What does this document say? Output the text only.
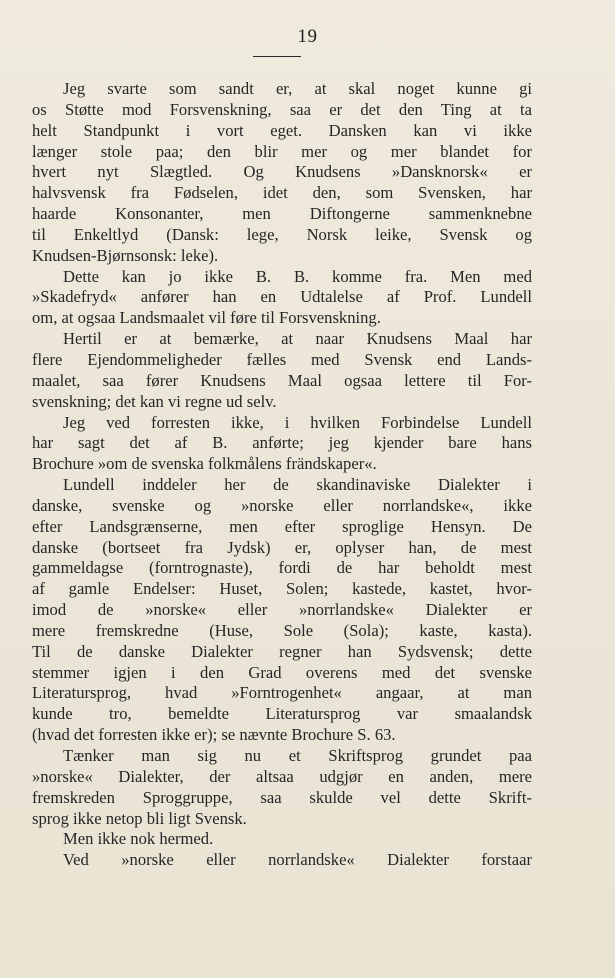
19
Jeg svarte som sandt er, at skal noget kunne gi
os Støtte mod Forsvenskning, saa er det den Ting at ta
helt Standpunkt i vort eget. Dansken kan vi ikke
længer stole paa; den blir mer og mer blandet for
hvert nyt Slægtled. Og Knudsens »Dansknorsk« er
halvsvensk fra Fødselen, idet den, som Svensken, har
haarde Konsonanter, men Diftongerne sammenknebne
til Enkeltlyd (Dansk: lege, Norsk leike, Svensk og
Knudsen-Bjørnsonsk: leke).
Dette kan jo ikke B. B. komme fra. Men med
»Skadefryd« anfører han en Udtalelse af Prof. Lundell
om, at ogsaa Landsmaalet vil føre til Forsvenskning.
Hertil er at bemærke, at naar Knudsens Maal har
flere Ejendommeligheder fælles med Svensk end Lands-
maalet, saa fører Knudsens Maal ogsaa lettere til For-
svenskning; det kan vi regne ud selv.
Jeg ved forresten ikke, i hvilken Forbindelse Lundell
har sagt det af B. anførte; jeg kjender bare hans
Brochure »om de svenska folkmålens frändskaper«.
Lundell inddeler her de skandinaviske Dialekter i
danske, svenske og »norske eller norrlandske«, ikke
efter Landsgrænserne, men efter sproglige Hensyn. De
danske (bortseet fra Jydsk) er, oplyser han, de mest
gammeldagse (forntrognaste), fordi de har beholdt mest
af gamle Endelser: Huset, Solen; kastede, kastet, hvor-
imod de »norske« eller »norrlandske« Dialekter er
mere fremskredne (Huse, Sole (Sola); kaste, kasta).
Til de danske Dialekter regner han Sydsvensk; dette
stemmer igjen i den Grad overens med det svenske
Literatursprog, hvad »Forntrogenhet« angaar, at man
kunde tro, bemeldte Literatursprog var smaalandsk
(hvad det forresten ikke er); se nævnte Brochure S. 63.
Tænker man sig nu et Skriftsprog grundet paa
»norske« Dialekter, der altsaa udgjør en anden, mere
fremskreden Sproggruppe, saa skulde vel dette Skrift-
sprog ikke netop bli ligt Svensk.
Men ikke nok hermed.
Ved »norske eller norrlandske« Dialekter forstaar
